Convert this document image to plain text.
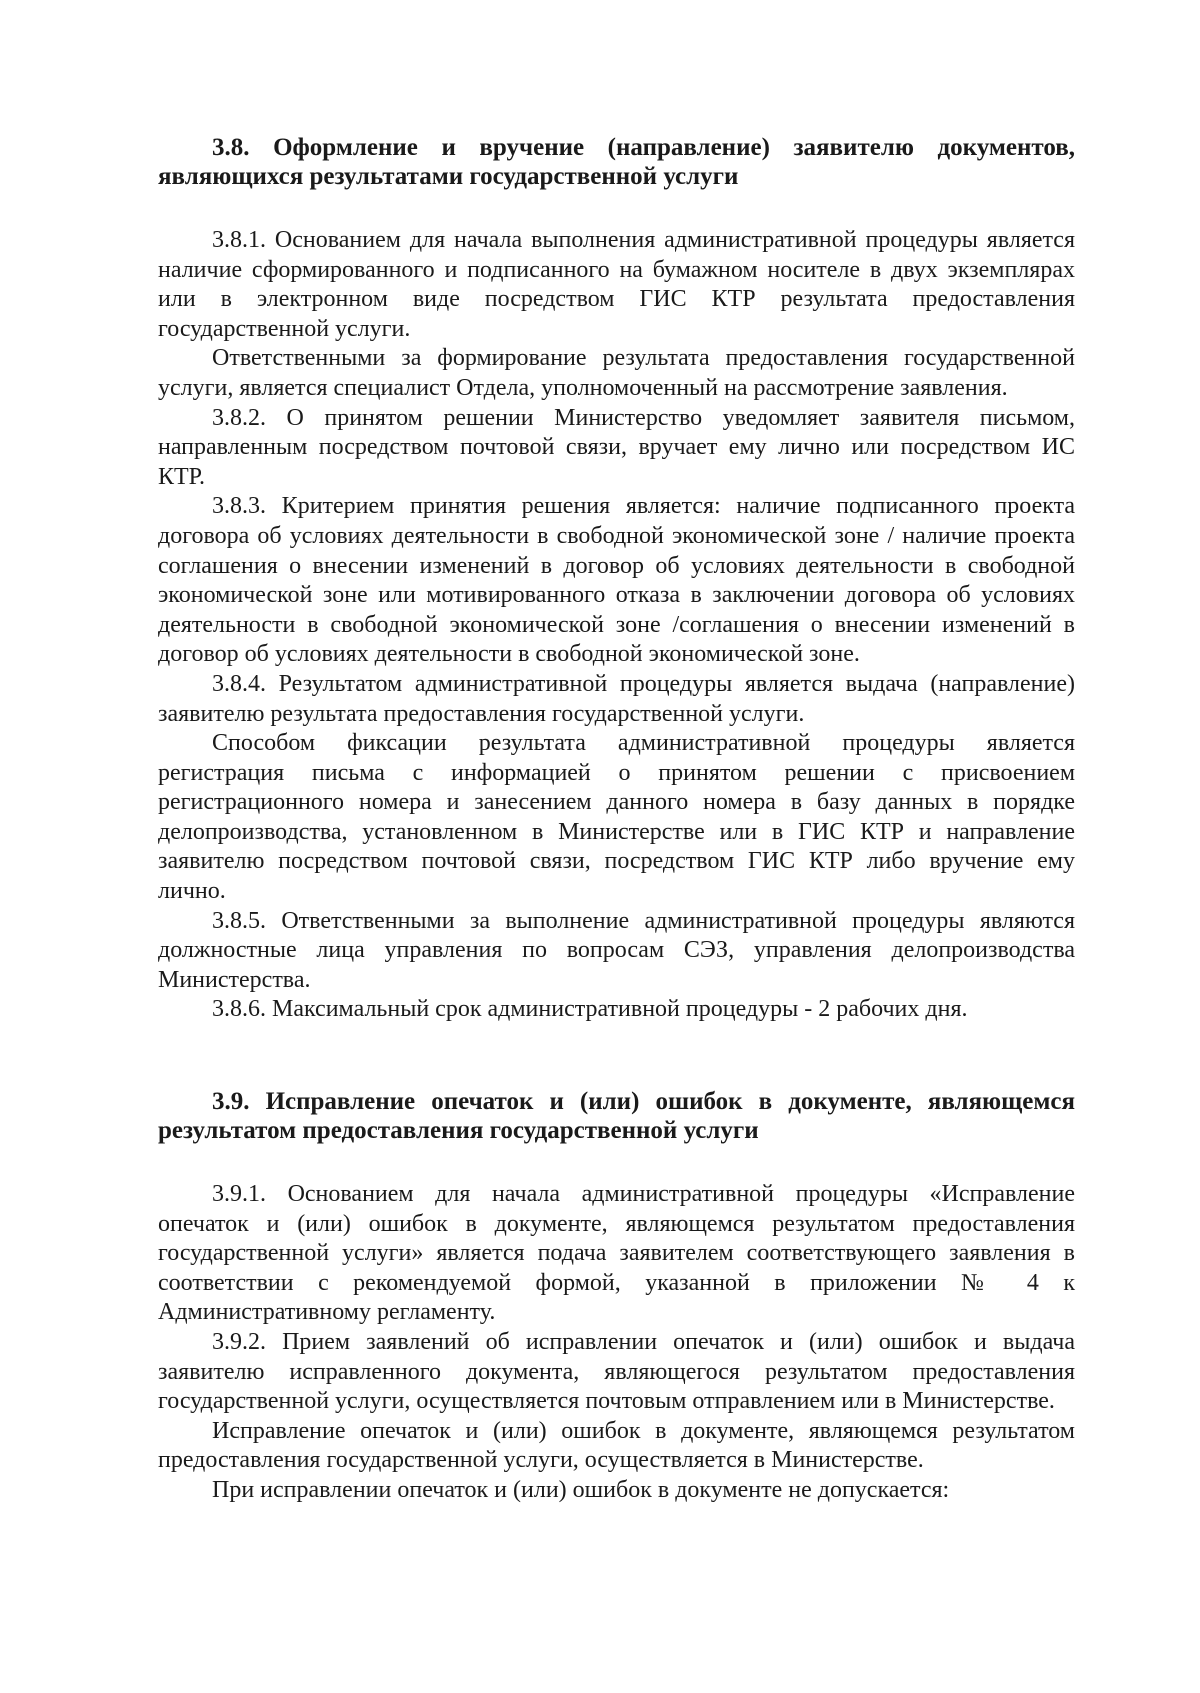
3.8. Оформление и вручение (направление) заявителю документов, являющихся результатами государственной услуги

3.8.1. Основанием для начала выполнения административной процедуры является наличие сформированного и подписанного на бумажном носителе в двух экземплярах или в электронном виде посредством ГИС КТР результата предоставления государственной услуги.

Ответственными за формирование результата предоставления государственной услуги, является специалист Отдела, уполномоченный на рассмотрение заявления.

3.8.2. О принятом решении Министерство уведомляет заявителя письмом, направленным посредством почтовой связи, вручает ему лично или посредством ИС КТР.

3.8.3. Критерием принятия решения является: наличие подписанного проекта договора об условиях деятельности в свободной экономической зоне / наличие проекта соглашения о внесении изменений в договор об условиях деятельности в свободной экономической зоне или мотивированного отказа в заключении договора об условиях деятельности в свободной экономической зоне /соглашения о внесении изменений в договор об условиях деятельности в свободной экономической зоне.

3.8.4. Результатом административной процедуры является выдача (направление) заявителю результата предоставления государственной услуги.

Способом фиксации результата административной процедуры является регистрация письма с информацией о принятом решении с присвоением регистрационного номера и занесением данного номера в базу данных в порядке делопроизводства, установленном в Министерстве или в ГИС КТР и направление заявителю посредством почтовой связи, посредством ГИС КТР либо вручение ему лично.

3.8.5. Ответственными за выполнение административной процедуры являются должностные лица управления по вопросам СЭЗ, управления делопроизводства Министерства.

3.8.6. Максимальный срок административной процедуры - 2 рабочих дня.

3.9. Исправление опечаток и (или) ошибок в документе, являющемся результатом предоставления государственной услуги

3.9.1. Основанием для начала административной процедуры «Исправление опечаток и (или) ошибок в документе, являющемся результатом предоставления государственной услуги» является подача заявителем соответствующего заявления в соответствии с рекомендуемой формой, указанной в приложении № 4 к Административному регламенту.

3.9.2. Прием заявлений об исправлении опечаток и (или) ошибок и выдача заявителю исправленного документа, являющегося результатом предоставления государственной услуги, осуществляется почтовым отправлением или в Министерстве.

Исправление опечаток и (или) ошибок в документе, являющемся результатом предоставления государственной услуги, осуществляется в Министерстве.

При исправлении опечаток и (или) ошибок в документе не допускается:
